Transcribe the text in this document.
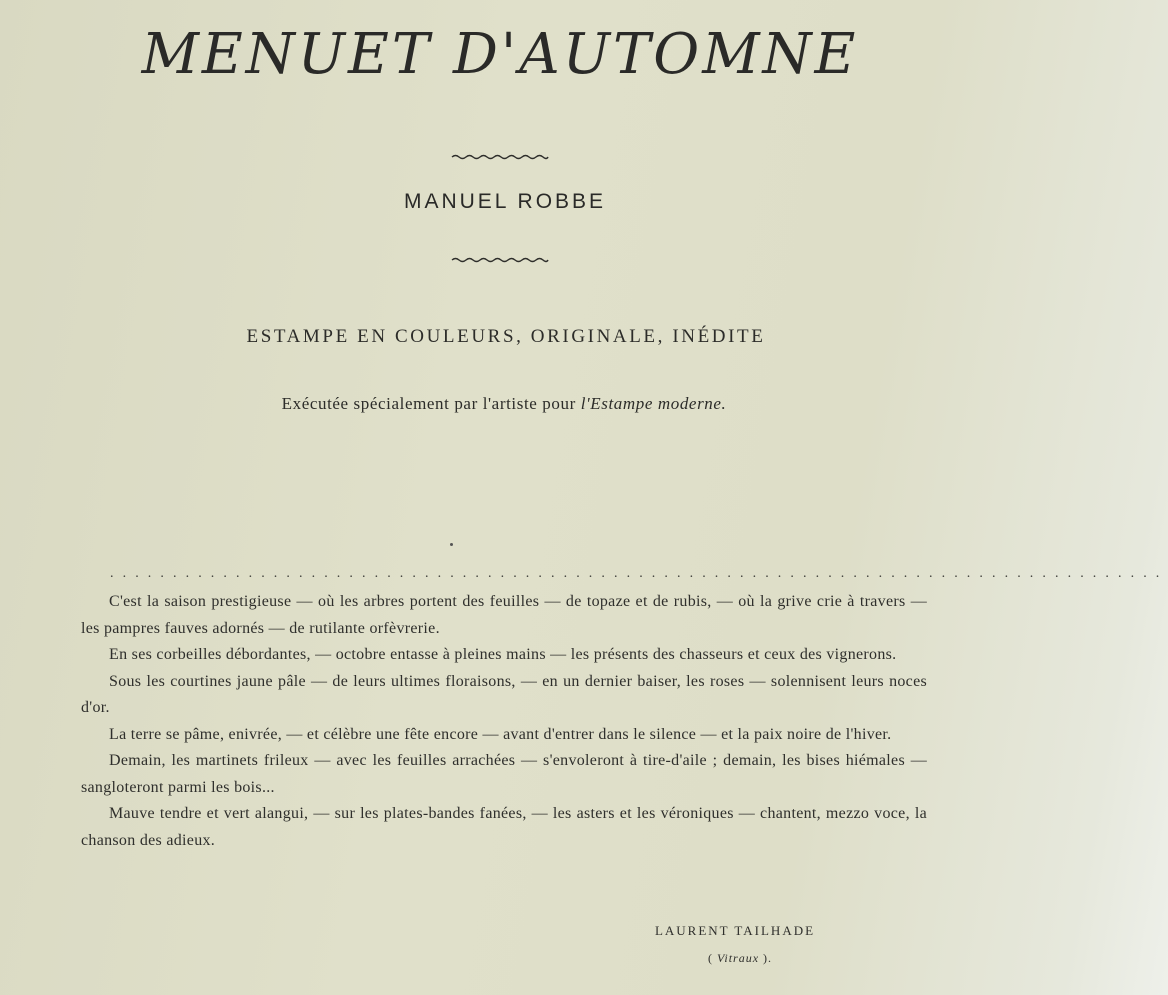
MENUET D'AUTOMNE
MANUEL ROBBE
ESTAMPE EN COULEURS, ORIGINALE, INÉDITE
Exécutée spécialement par l'artiste pour l'Estampe moderne.
....................................................................................

C'est la saison prestigieuse — où les arbres portent des feuilles — de topaze et de rubis, — où la grive crie à travers — les pampres fauves adornés — de rutilante orfèvrerie.

En ses corbeilles débordantes, — octobre entasse à pleines mains — les présents des chasseurs et ceux des vignerons.

Sous les courtines jaune pâle — de leurs ultimes floraisons, — en un dernier baiser, les roses — solennisent leurs noces d'or.

La terre se pâme, enivrée, — et célèbre une fête encore — avant d'entrer dans le silence — et la paix noire de l'hiver.

Demain, les martinets frileux — avec les feuilles arrachées — s'envoleront à tire-d'aile ; demain, les bises hiémales — sangloteront parmi les bois...

Mauve tendre et vert alangui, — sur les plates-bandes fanées, — les asters et les véroniques — chantent, mezzo voce, la chanson des adieux.

LAURENT TAILHADE
( Vitraux ).
